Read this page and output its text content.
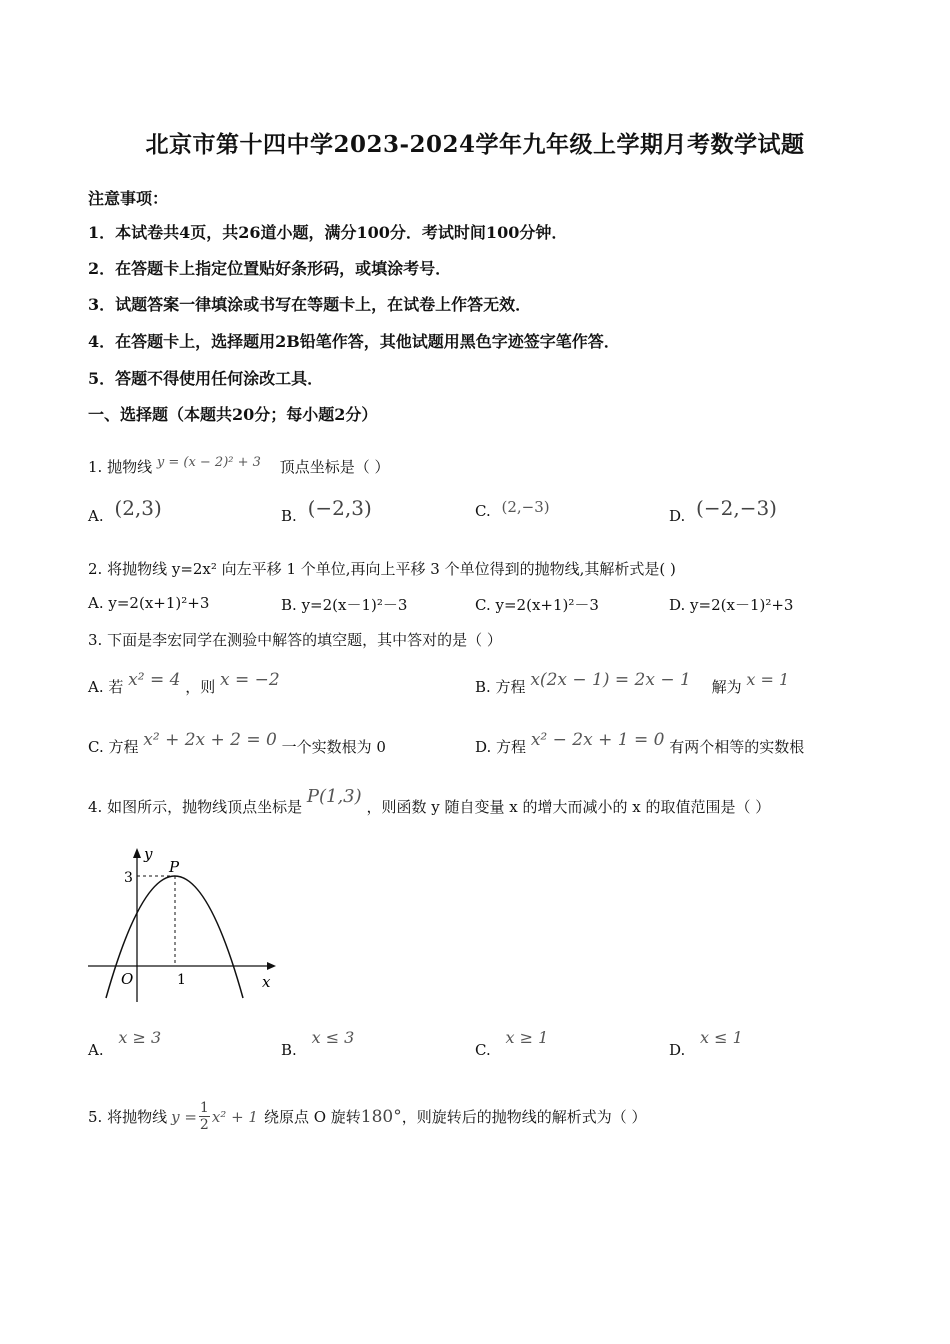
北京市第十四中学2023-2024学年九年级上学期月考数学试题
注意事项：
1．本试卷共4页，共26道小题，满分100分．考试时间100分钟．
2．在答题卡上指定位置贴好条形码，或填涂考号．
3．试题答案一律填涂或书写在等题卡上，在试卷上作答无效．
4．在答题卡上，选择题用2B铅笔作答，其他试题用黑色字迹签字笔作答．
5．答题不得使用任何涂改工具．
一、选择题（本题共20分；每小题2分）
1. 抛物线 y = (x − 2)² + 3 顶点坐标是（ ）
A. (2,3)	B. (−2,3)	C. (2,−3)	D. (−2,−3)
2. 将抛物线 y=2x² 向左平移 1 个单位,再向上平移 3 个单位得到的抛物线,其解析式是( )
A. y=2(x+1)²+3	B. y=2(x－1)²－3	C. y=2(x+1)²－3	D. y=2(x－1)²+3
3. 下面是李宏同学在测验中解答的填空题，其中答对的是（ ）
A. 若 x² = 4 ，则 x = −2	B. 方程 x(2x − 1) = 2x − 1 解为 x = 1
C. 方程 x² + 2x + 2 = 0 一个实数根为 0	D. 方程 x² − 2x + 1 = 0 有两个相等的实数根
4. 如图所示，抛物线顶点坐标是 P(1,3) ，则函数 y 随自变量 x 的增大而减小的 x 的取值范围是（ ）
y
x
O
P
3
1
A. x ≥ 3
B. x ≤ 3
C. x ≥ 1
D. x ≤ 1
5. 将抛物线 $y = \frac{1}{2} x^2 + 1$ 绕原点 O 旋转 180° ，则旋转后的抛物线的解析式为（ ）
